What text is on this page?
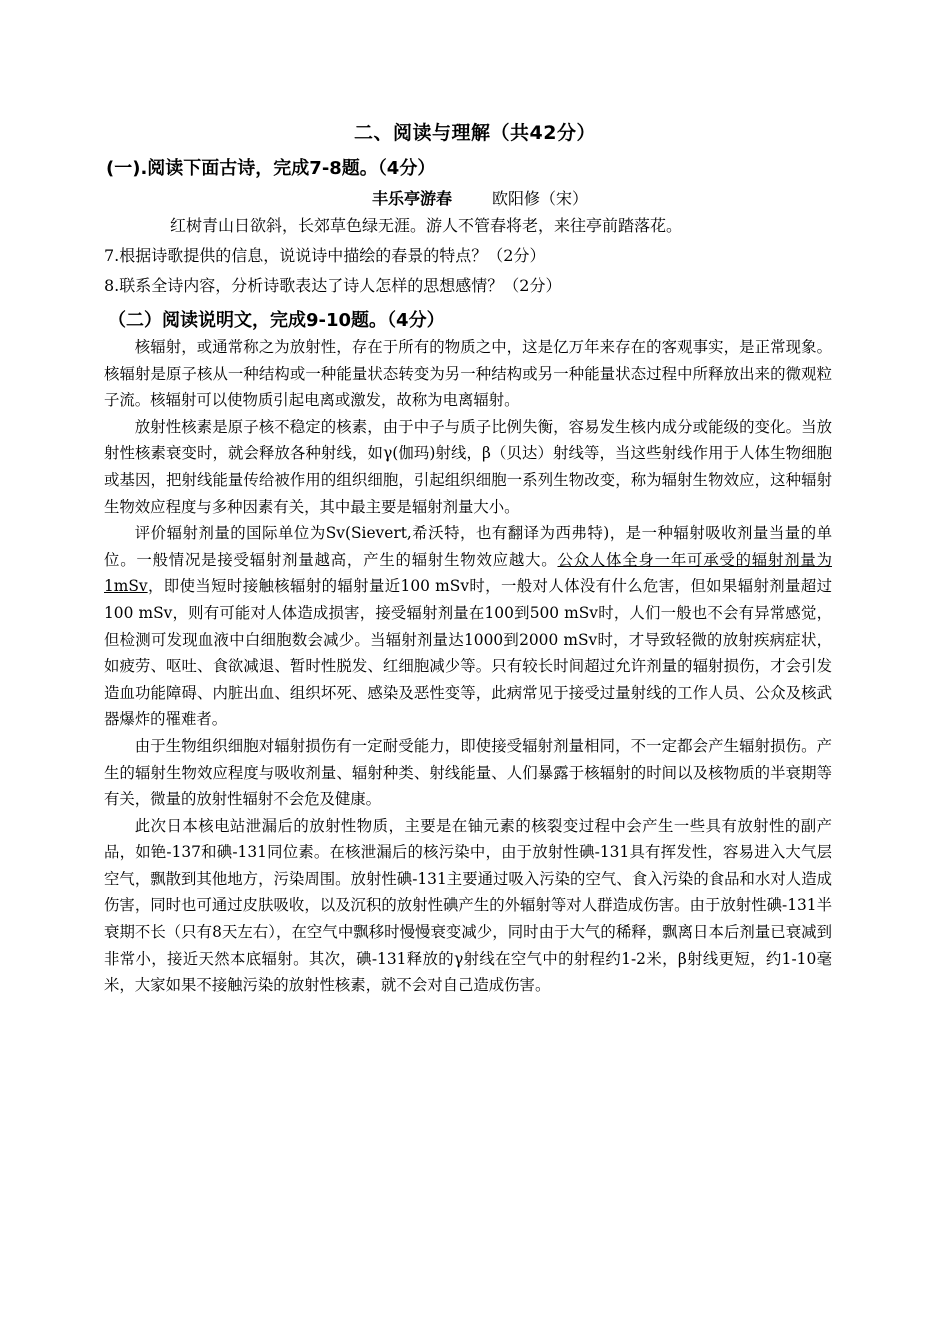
二、阅读与理解（共42分）
(一).阅读下面古诗，完成7-8题。（4分）
丰乐亭游春	欧阳修（宋）
红树青山日欲斜，长郊草色绿无涯。游人不管春将老，来往亭前踏落花。
7.根据诗歌提供的信息，说说诗中描绘的春景的特点？（2分）
8.联系全诗内容，分析诗歌表达了诗人怎样的思想感情？（2分）
（二）阅读说明文，完成9-10题。（4分）

核辐射，或通常称之为放射性，存在于所有的物质之中，这是亿万年来存在的客观事实，是正常现象。核辐射是原子核从一种结构或一种能量状态转变为另一种结构或另一种能量状态过程中所释放出来的微观粒子流。核辐射可以使物质引起电离或激发，故称为电离辐射。

放射性核素是原子核不稳定的核素，由于中子与质子比例失衡，容易发生核内成分或能级的变化。当放射性核素衰变时，就会释放各种射线，如γ(伽玛)射线，β（贝达）射线等，当这些射线作用于人体生物细胞或基因，把射线能量传给被作用的组织细胞，引起组织细胞一系列生物改变，称为辐射生物效应，这种辐射生物效应程度与多种因素有关，其中最主要是辐射剂量大小。

评价辐射剂量的国际单位为Sv(Sievert,希沃特，也有翻译为西弗特)，是一种辐射吸收剂量当量的单位。一般情况是接受辐射剂量越高，产生的辐射生物效应越大。公众人体全身一年可承受的辐射剂量为1mSv，即使当短时接触核辐射的辐射量近100 mSv时，一般对人体没有什么危害，但如果辐射剂量超过100 mSv，则有可能对人体造成损害，接受辐射剂量在100到500 mSv时，人们一般也不会有异常感觉，但检测可发现血液中白细胞数会减少。当辐射剂量达1000到2000 mSv时，才导致轻微的放射疾病症状，如疲劳、呕吐、食欲减退、暂时性脱发、红细胞减少等。只有较长时间超过允许剂量的辐射损伤，才会引发造血功能障碍、内脏出血、组织坏死、感染及恶性变等，此病常见于接受过量射线的工作人员、公众及核武器爆炸的罹难者。

由于生物组织细胞对辐射损伤有一定耐受能力，即使接受辐射剂量相同，不一定都会产生辐射损伤。产生的辐射生物效应程度与吸收剂量、辐射种类、射线能量、人们暴露于核辐射的时间以及核物质的半衰期等有关，微量的放射性辐射不会危及健康。

此次日本核电站泄漏后的放射性物质，主要是在铀元素的核裂变过程中会产生一些具有放射性的副产品，如铯-137和碘-131同位素。在核泄漏后的核污染中，由于放射性碘-131具有挥发性，容易进入大气层空气，飘散到其他地方，污染周围。放射性碘-131主要通过吸入污染的空气、食入污染的食品和水对人造成伤害，同时也可通过皮肤吸收，以及沉积的放射性碘产生的外辐射等对人群造成伤害。由于放射性碘-131半衰期不长（只有8天左右），在空气中飘移时慢慢衰变减少，同时由于大气的稀释，飘离日本后剂量已衰减到非常小，接近天然本底辐射。其次，碘-131释放的γ射线在空气中的射程约1-2米，β射线更短，约1-10毫米，大家如果不接触污染的放射性核素，就不会对自己造成伤害。
